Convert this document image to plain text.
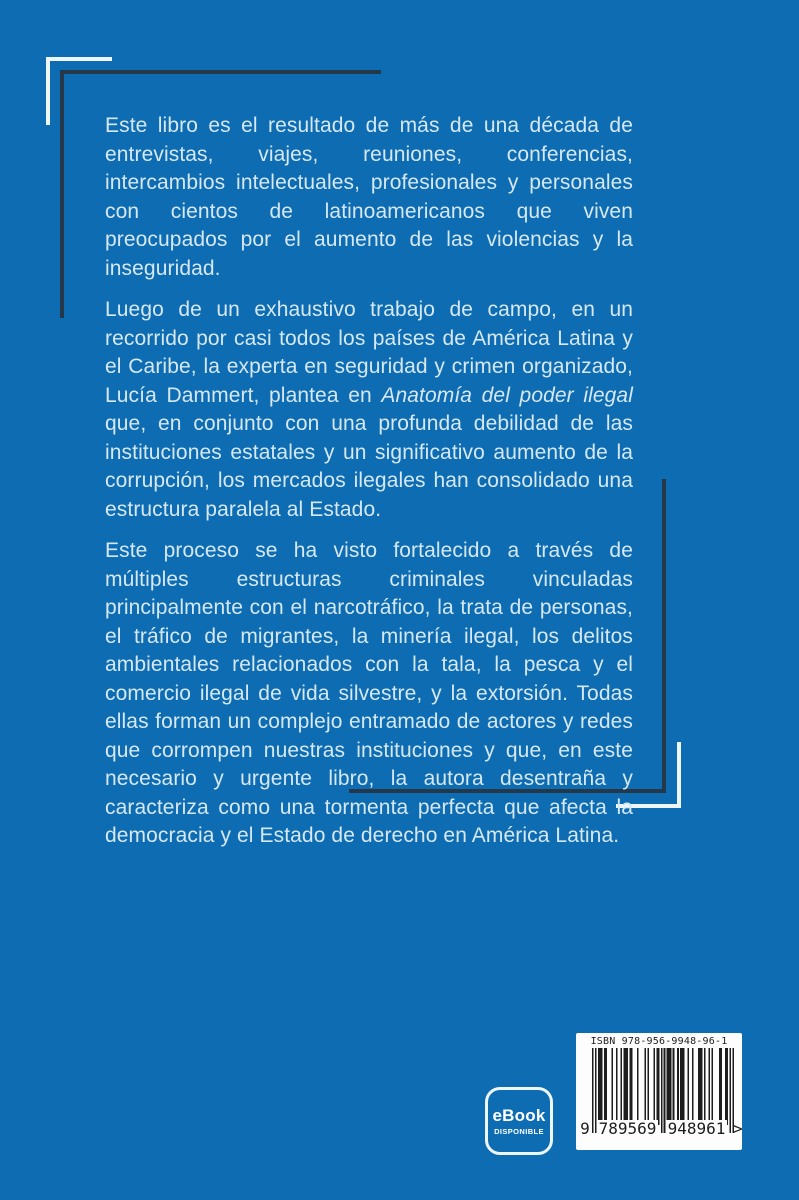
Este libro es el resultado de más de una década de entrevistas, viajes, reuniones, conferencias, intercambios intelectuales, profesionales y personales con cientos de latinoamericanos que viven preocupados por el aumento de las violencias y la inseguridad.

Luego de un exhaustivo trabajo de campo, en un recorrido por casi todos los países de América Latina y el Caribe, la experta en seguridad y crimen organizado, Lucía Dammert, plantea en Anatomía del poder ilegal que, en conjunto con una profunda debilidad de las instituciones estatales y un significativo aumento de la corrupción, los mercados ilegales han consolidado una estructura paralela al Estado.

Este proceso se ha visto fortalecido a través de múltiples estructuras criminales vinculadas principalmente con el narcotráfico, la trata de personas, el tráfico de migrantes, la minería ilegal, los delitos ambientales relacionados con la tala, la pesca y el comercio ilegal de vida silvestre, y la extorsión. Todas ellas forman un complejo entramado de actores y redes que corrompen nuestras instituciones y que, en este necesario y urgente libro, la autora desentraña y caracteriza como una tormenta perfecta que afecta la democracia y el Estado de derecho en América Latina.

eBook
DISPONIBLE
ISBN 978-956-9948-96-1
9 789569 948961 >
